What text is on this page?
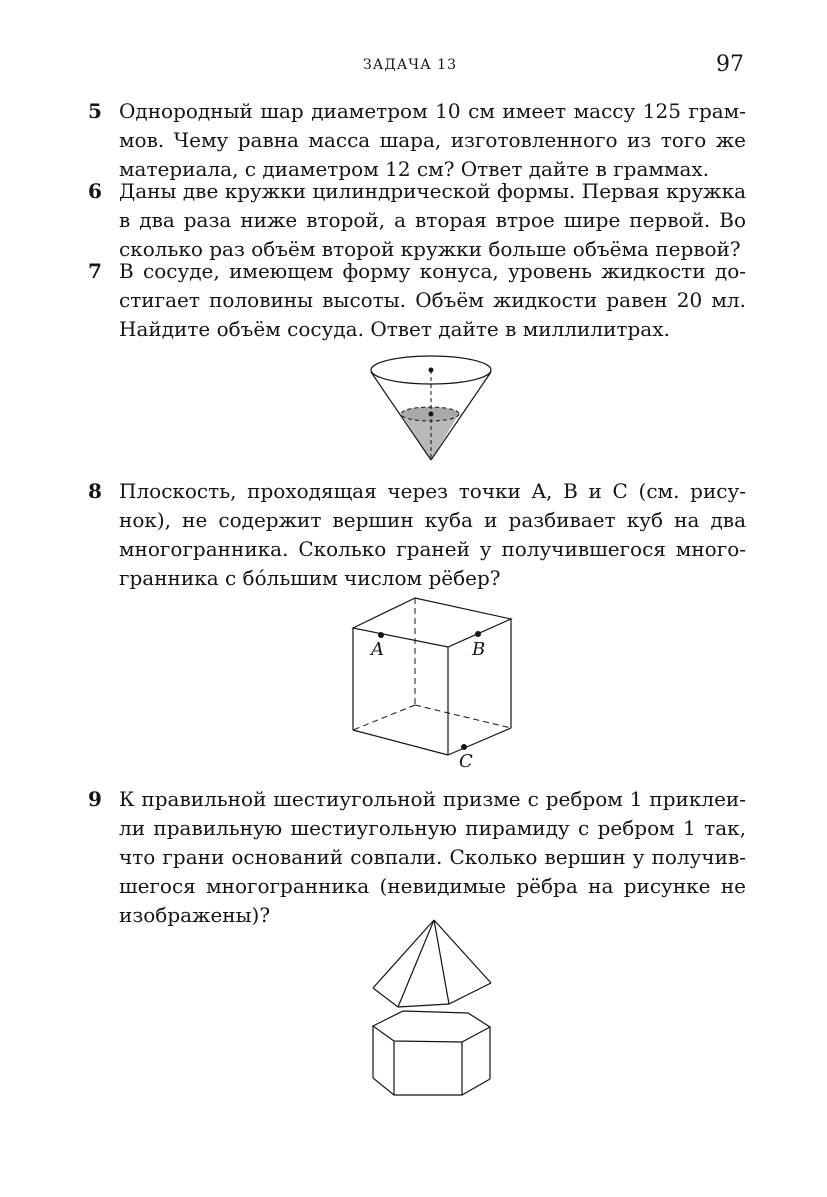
ЗАДАЧА 13	97
5 Однородный шар диаметром 10 см имеет массу 125 грам-
мов. Чему равна масса шара, изготовленного из того же
материала, с диаметром 12 см? Ответ дайте в граммах.
6 Даны две кружки цилиндрической формы. Первая кружка
в два раза ниже второй, а вторая втрое шире первой. Во
сколько раз объём второй кружки больше объёма первой?
7 В сосуде, имеющем форму конуса, уровень жидкости до-
стигает половины высоты. Объём жидкости равен 20 мл.
Найдите объём сосуда. Ответ дайте в миллилитрах.
8 Плоскость, проходящая через точки A, B и C (см. рису-
нок), не содержит вершин куба и разбивает куб на два
многогранника. Сколько граней у получившегося много-
гранника с бóльшим числом рёбер?
A	B
C
9 К правильной шестиугольной призме с ребром 1 приклеи-
ли правильную шестиугольную пирамиду с ребром 1 так,
что грани оснований совпали. Сколько вершин у получив-
шегося многогранника (невидимые рёбра на рисунке не
изображены)?
